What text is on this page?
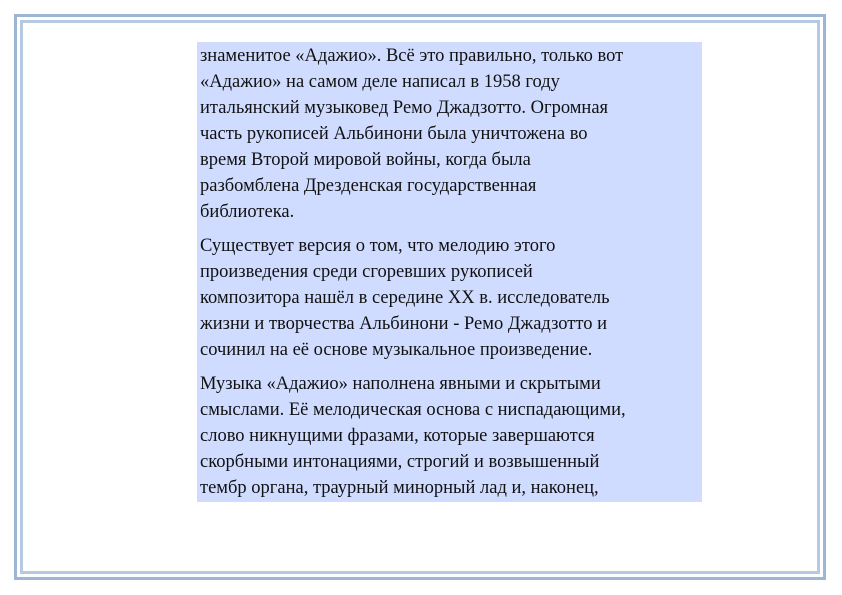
знаменитое «Адажио». Всё это правильно, только вот
«Адажио» на самом деле написал в 1958 году
итальянский музыковед Ремо Джадзотто. Огромная
часть рукописей Альбинони была уничтожена во
время Второй мировой войны, когда была
разбомблена Дрезденская государственная
библиотека.

Существует версия о том, что мелодию этого
произведения среди сгоревших рукописей
композитора нашёл в середине XX в. исследователь
жизни и творчества Альбинони - Ремо Джадзотто и
сочинил на её основе музыкальное произведение.

Музыка «Адажио» наполнена явными и скрытыми
смыслами. Её мелодическая основа с ниспадающими,
слово никнущими фразами, которые завершаются
скорбными интонациями, строгий и возвышенный
тембр органа, траурный минорный лад и, наконец,
